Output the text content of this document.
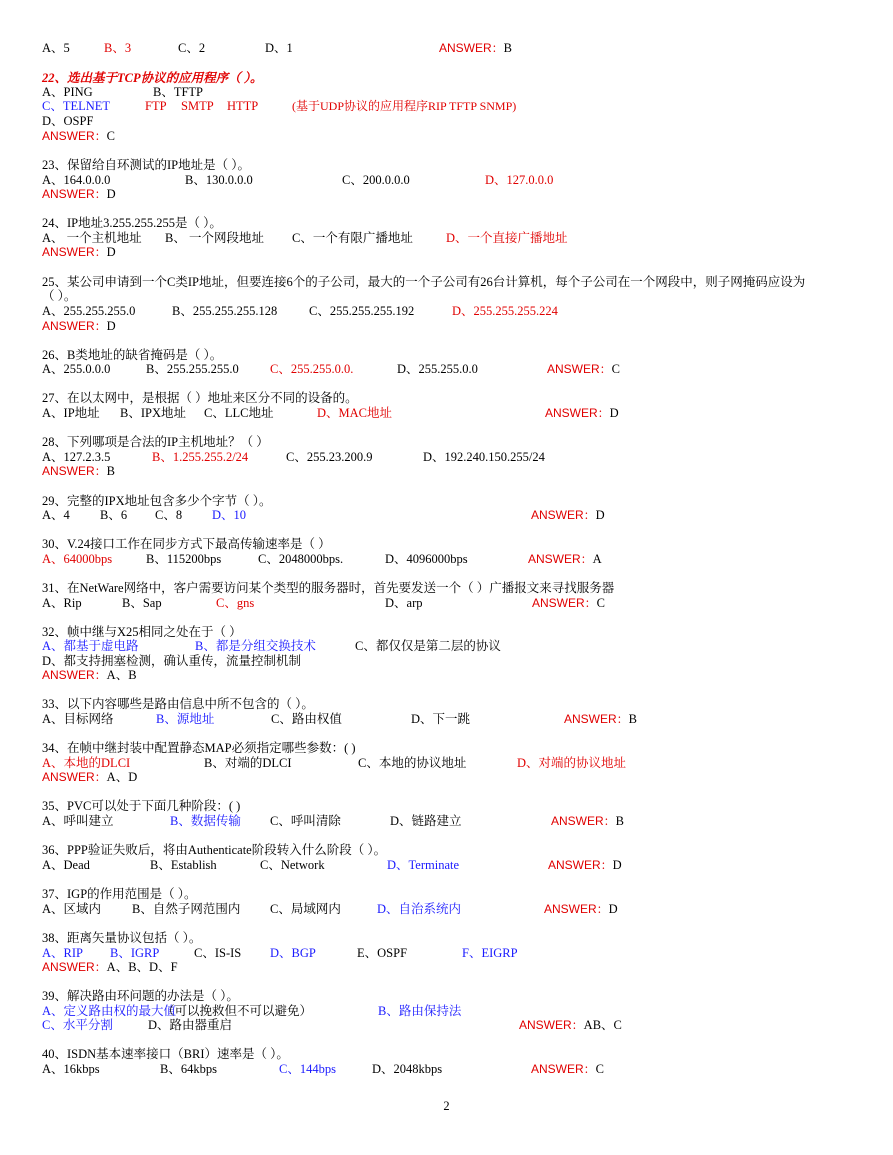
A、5	B、3	C、2	D、1	ANSWER：B
22、选出基于TCP协议的应用程序（ ）。
A、PING	B、TFTP
C、TELNET	FTP SMTP HTTP	(基于UDP协议的应用程序RIP TFTP SNMP)
D、OSPF
ANSWER：C
23、保留给自环测试的IP地址是（ ）。
A、164.0.0.0	B、130.0.0.0	C、200.0.0.0	D、127.0.0.0
ANSWER：D
24、IP地址3.255.255.255是（ ）。
A、 一个主机地址 B、 一个网段地址 C、一个有限广播地址	D、一个直接广播地址
ANSWER：D
25、某公司申请到一个C类IP地址，但要连接6个的子公司，最大的一个子公司有26台计算机，每个子公司在一个网段中，则子网掩码应设为
（ ）。
A、255.255.255.0	B、255.255.255.128	C、255.255.255.192	D、255.255.255.224
ANSWER：D
26、B类地址的缺省掩码是（ ）。
A、255.0.0.0	B、255.255.255.0	C、255.255.0.0.	D、255.255.0.0	ANSWER：C
27、在以太网中，是根据（ ）地址来区分不同的设备的。
A、IP地址 B、IPX地址 C、LLC地址	D、MAC地址	ANSWER：D
28、下列哪项是合法的IP主机地址？（ ）
A、127.2.3.5	B、1.255.255.2/24	C、255.23.200.9	D、192.240.150.255/24
ANSWER：B
29、完整的IPX地址包含多少个字节（ ）。
A、4 B、6 C、8 D、10	ANSWER：D
30、V.24接口工作在同步方式下最高传输速率是（ ）
A、64000bps	B、115200bps	C、2048000bps.	D、4096000bps	ANSWER：A
31、在NetWare网络中，客户需要访问某个类型的服务器时，首先要发送一个（ ）广播报文来寻找服务器
A、Rip	B、Sap	C、gns	D、arp	ANSWER：C
32、帧中继与X25相同之处在于（ ）
A、都基于虚电路	B、都是分组交换技术	C、都仅仅是第二层的协议
D、都支持拥塞检测，确认重传，流量控制机制
ANSWER：A、B
33、以下内容哪些是路由信息中所不包含的（ ）。
A、目标网络	B、源地址	C、路由权值	D、下一跳	ANSWER：B
34、在帧中继封装中配置静态MAP必须指定哪些参数：( )
A、本地的DLCI	B、对端的DLCI	C、本地的协议地址	D、对端的协议地址
ANSWER：A、D
35、PVC可以处于下面几种阶段：( )
A、呼叫建立	B、数据传输 C、呼叫清除	D、链路建立	ANSWER：B
36、PPP验证失败后，将由Authenticate阶段转入什么阶段（ ）。
A、Dead	B、Establish	C、Network	D、Terminate	ANSWER：D
37、IGP的作用范围是（ ）。
A、区域内 B、自然子网范围内 C、局域网内	D、自治系统内	ANSWER：D
38、距离矢量协议包括（ ）。
A、RIP B、IGRP	C、IS-IS D、BGP	E、OSPF	F、EIGRP
ANSWER：A、B、D、F
39、解决路由环问题的办法是（ ）。
A、定义路由权的最大值
（可以挽救但不可以避免）	B、路由保持法
C、水平分割	D、路由器重启	ANSWER：AB、C
40、ISDN基本速率接口（BRI）速率是（ ）。
A、16kbps	B、64kbps	C、144bps	D、2048kbps	ANSWER：C
2
